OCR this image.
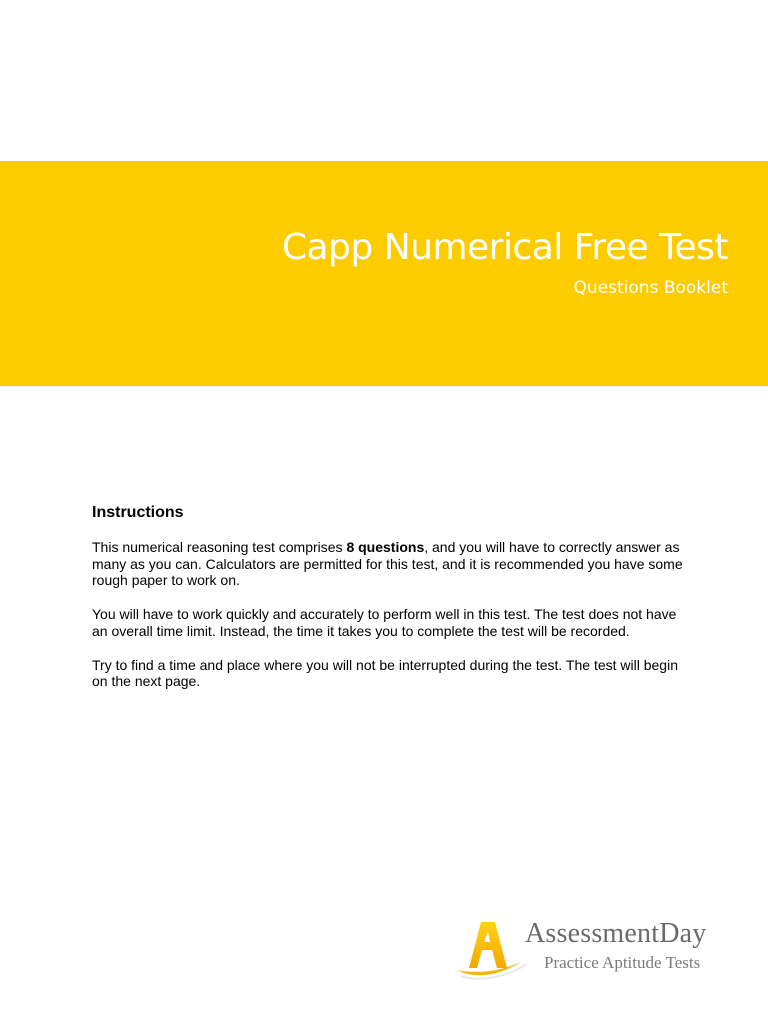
Capp Numerical Free Test
Questions Booklet
Instructions

This numerical reasoning test comprises 8 questions, and you will have to correctly answer as many as you can. Calculators are permitted for this test, and it is recommended you have some rough paper to work on.

You will have to work quickly and accurately to perform well in this test. The test does not have an overall time limit. Instead, the time it takes you to complete the test will be recorded.

Try to find a time and place where you will not be interrupted during the test. The test will begin on the next page.

AssessmentDay
Practice Aptitude Tests
